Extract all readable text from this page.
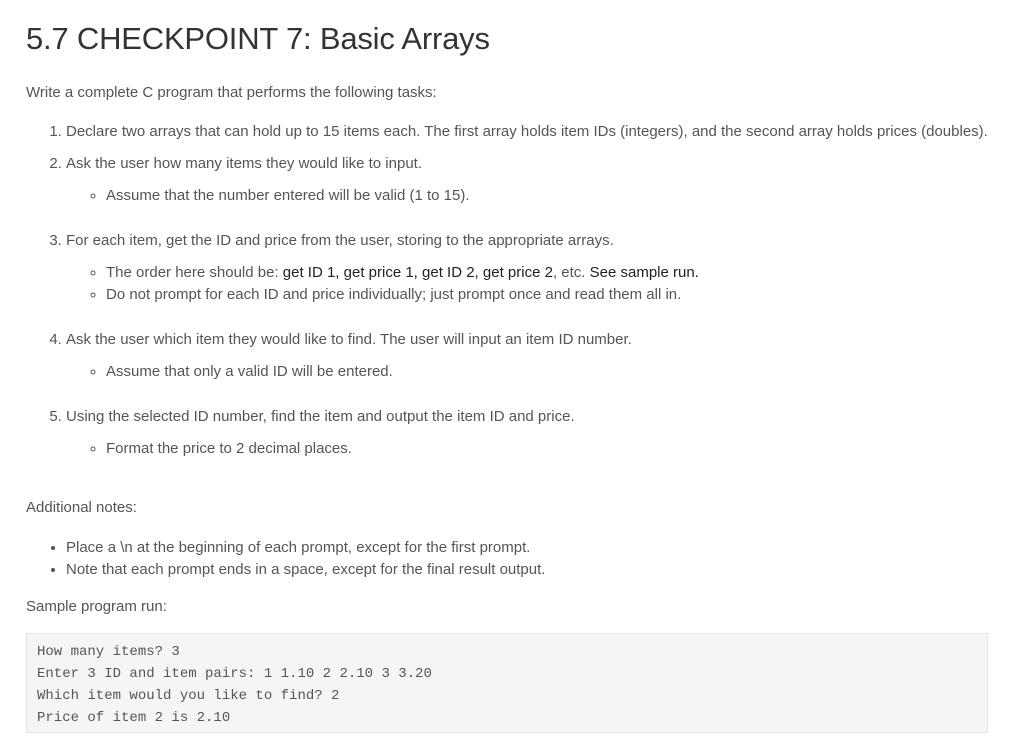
5.7 CHECKPOINT 7: Basic Arrays
Write a complete C program that performs the following tasks:
1. Declare two arrays that can hold up to 15 items each. The first array holds item IDs (integers), and the second array holds prices (doubles).
2. Ask the user how many items they would like to input.
◦ Assume that the number entered will be valid (1 to 15).
3. For each item, get the ID and price from the user, storing to the appropriate arrays.
◦ The order here should be: get ID 1, get price 1, get ID 2, get price 2, etc. See sample run.
◦ Do not prompt for each ID and price individually; just prompt once and read them all in.
4. Ask the user which item they would like to find. The user will input an item ID number.
◦ Assume that only a valid ID will be entered.
5. Using the selected ID number, find the item and output the item ID and price.
◦ Format the price to 2 decimal places.
Additional notes:
• Place a \n at the beginning of each prompt, except for the first prompt.
• Note that each prompt ends in a space, except for the final result output.
Sample program run:
How many items? 3
Enter 3 ID and item pairs: 1 1.10 2 2.10 3 3.20
Which item would you like to find? 2
Price of item 2 is 2.10
